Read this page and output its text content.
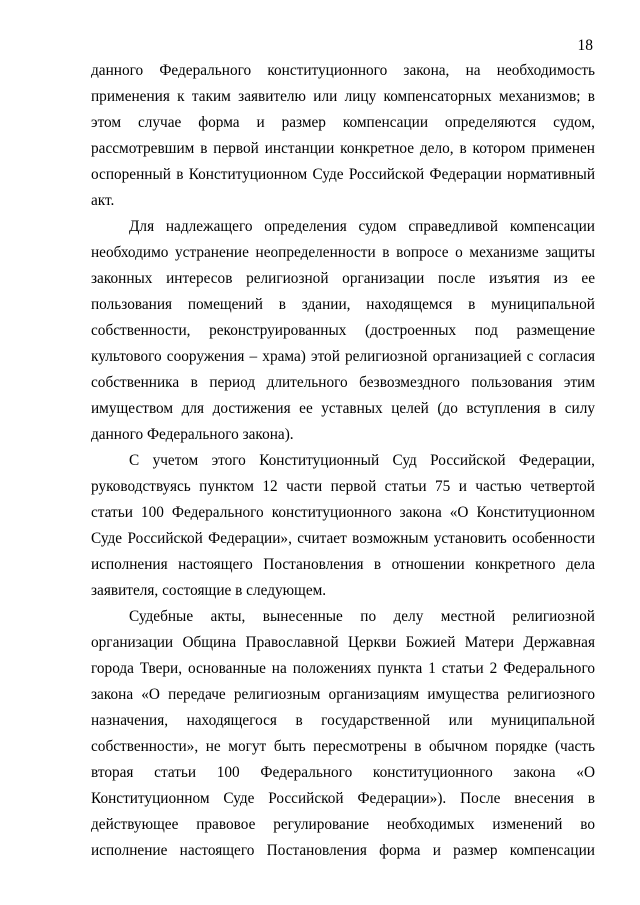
18
данного Федерального конституционного закона, на необходимость
применения к таким заявителю или лицу компенсаторных механизмов; в
этом случае форма и размер компенсации определяются судом,
рассмотревшим в первой инстанции конкретное дело, в котором применен
оспоренный в Конституционном Суде Российской Федерации нормативный
акт.
Для надлежащего определения судом справедливой компенсации
необходимо устранение неопределенности в вопросе о механизме защиты
законных интересов религиозной организации после изъятия из ее
пользования помещений в здании, находящемся в муниципальной
собственности, реконструированных (достроенных под размещение
культового сооружения – храма) этой религиозной организацией с согласия
собственника в период длительного безвозмездного пользования этим
имуществом для достижения ее уставных целей (до вступления в силу
данного Федерального закона).
С учетом этого Конституционный Суд Российской Федерации,
руководствуясь пунктом 12 части первой статьи 75 и частью четвертой
статьи 100 Федерального конституционного закона «О Конституционном
Суде Российской Федерации», считает возможным установить особенности
исполнения настоящего Постановления в отношении конкретного дела
заявителя, состоящие в следующем.
Судебные акты, вынесенные по делу местной религиозной
организации Община Православной Церкви Божией Матери Державная
города Твери, основанные на положениях пункта 1 статьи 2 Федерального
закона «О передаче религиозным организациям имущества религиозного
назначения, находящегося в государственной или муниципальной
собственности», не могут быть пересмотрены в обычном порядке (часть
вторая статьи 100 Федерального конституционного закона «О
Конституционном Суде Российской Федерации»). После внесения в
действующее правовое регулирование необходимых изменений во
исполнение настоящего Постановления форма и размер компенсации
